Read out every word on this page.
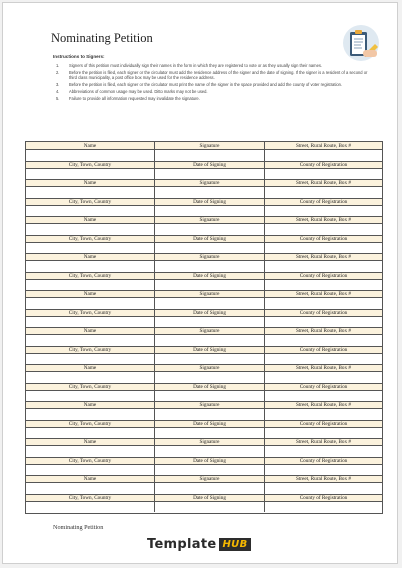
Nominating Petition
Instructions to Signers:
1. Signers of this petition must individually sign their names in the form in which they are registered to vote or as they usually sign their names.
2. Before the petition is filed, each signer or the circulator must add the residence address of the signer and the date of signing. If the signer is a resident of a second or third class municipality, a post office box may be used for the residence address.
3. Before the petition is filed, each signer or the circulator must print the name of the signer in the space provided and add the county of voter registration.
4. Abbreviations of common usage may be used. Ditto marks may not be used.
5. Failure to provide all information requested may invalidate the signature.
Name	Signature	Street, Rural Route, Box #
City, Town, Country	Date of Signing	County of Registration
Name	Signature	Street, Rural Route, Box #
City, Town, Country	Date of Signing	County of Registration
Name	Signature	Street, Rural Route, Box #
City, Town, Country	Date of Signing	County of Registration
Name	Signature	Street, Rural Route, Box #
City, Town, Country	Date of Signing	County of Registration
Name	Signature	Street, Rural Route, Box #
City, Town, Country	Date of Signing	County of Registration
Name	Signature	Street, Rural Route, Box #
City, Town, Country	Date of Signing	County of Registration
Name	Signature	Street, Rural Route, Box #
City, Town, Country	Date of Signing	County of Registration
Name	Signature	Street, Rural Route, Box #
City, Town, Country	Date of Signing	County of Registration
Name	Signature	Street, Rural Route, Box #
City, Town, Country	Date of Signing	County of Registration
Name	Signature	Street, Rural Route, Box #
City, Town, Country	Date of Signing	County of Registration
Nominating Petition
Template HUB
